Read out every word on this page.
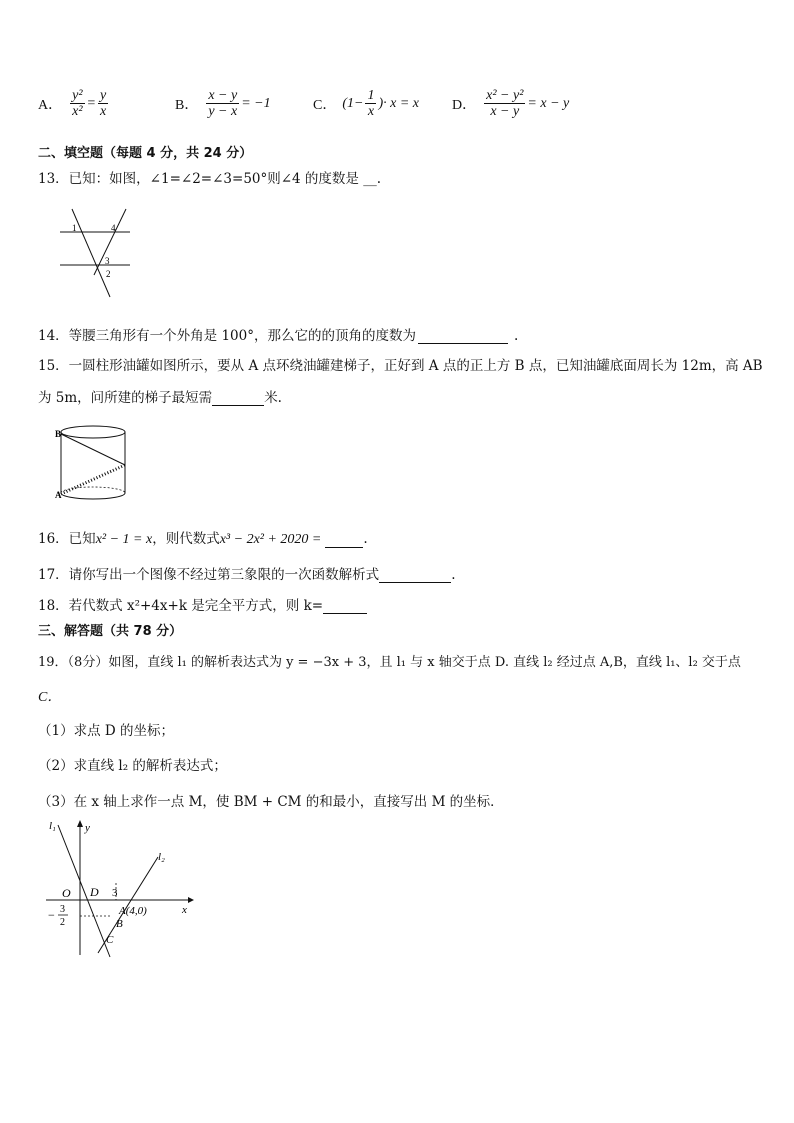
A． $\frac{\text{y²}}{\text{x²}} = \frac{y}{x}$	B． $\frac{x - y}{y - x} = -1$	C． ($1- \frac{1}{x}$ )· x = x D． $\frac{\text{x² − y²}}{x - y} = x - y$
二、填空题（每题 4 分，共 24 分）
13．已知：如图，∠1=∠2=∠3=50°则∠4 的度数是 __.
1	4
3
2
14．等腰三角形有一个外角是 100°，那么它的的顶角的度数为	.
15．一圆柱形油罐如图所示，要从 A 点环绕油罐建梯子，正好到 A 点的正上方 B 点，已知油罐底面周长为 12m，高 AB
为 5m，问所建的梯子最短需	米.
B
A
16．已知x² − 1 = x，则代数式x³ − 2x² + 2020 =	.
17．请你写出一个图像不经过第三象限的一次函数解析式	.
18．若代数式 x²+4x+k 是完全平方式，则 k=
三、解答题（共 78 分）
19．（8分）如图，直线 l₁ 的解析表达式为 y = −3x + 3，且 l₁ 与 x 轴交于点 D. 直线 l₂ 经过点 A,B，直线 l₁、l₂ 交于点
C．
（1）求点 D 的坐标；
（2）求直线 l₂ 的解析表达式；
（3）在 x 轴上求作一点 M，使 BM + CM 的和最小，直接写出 M 的坐标．
l₁
l₂
y
x
O D 3
A(4,0)
B
C
− 3
2
